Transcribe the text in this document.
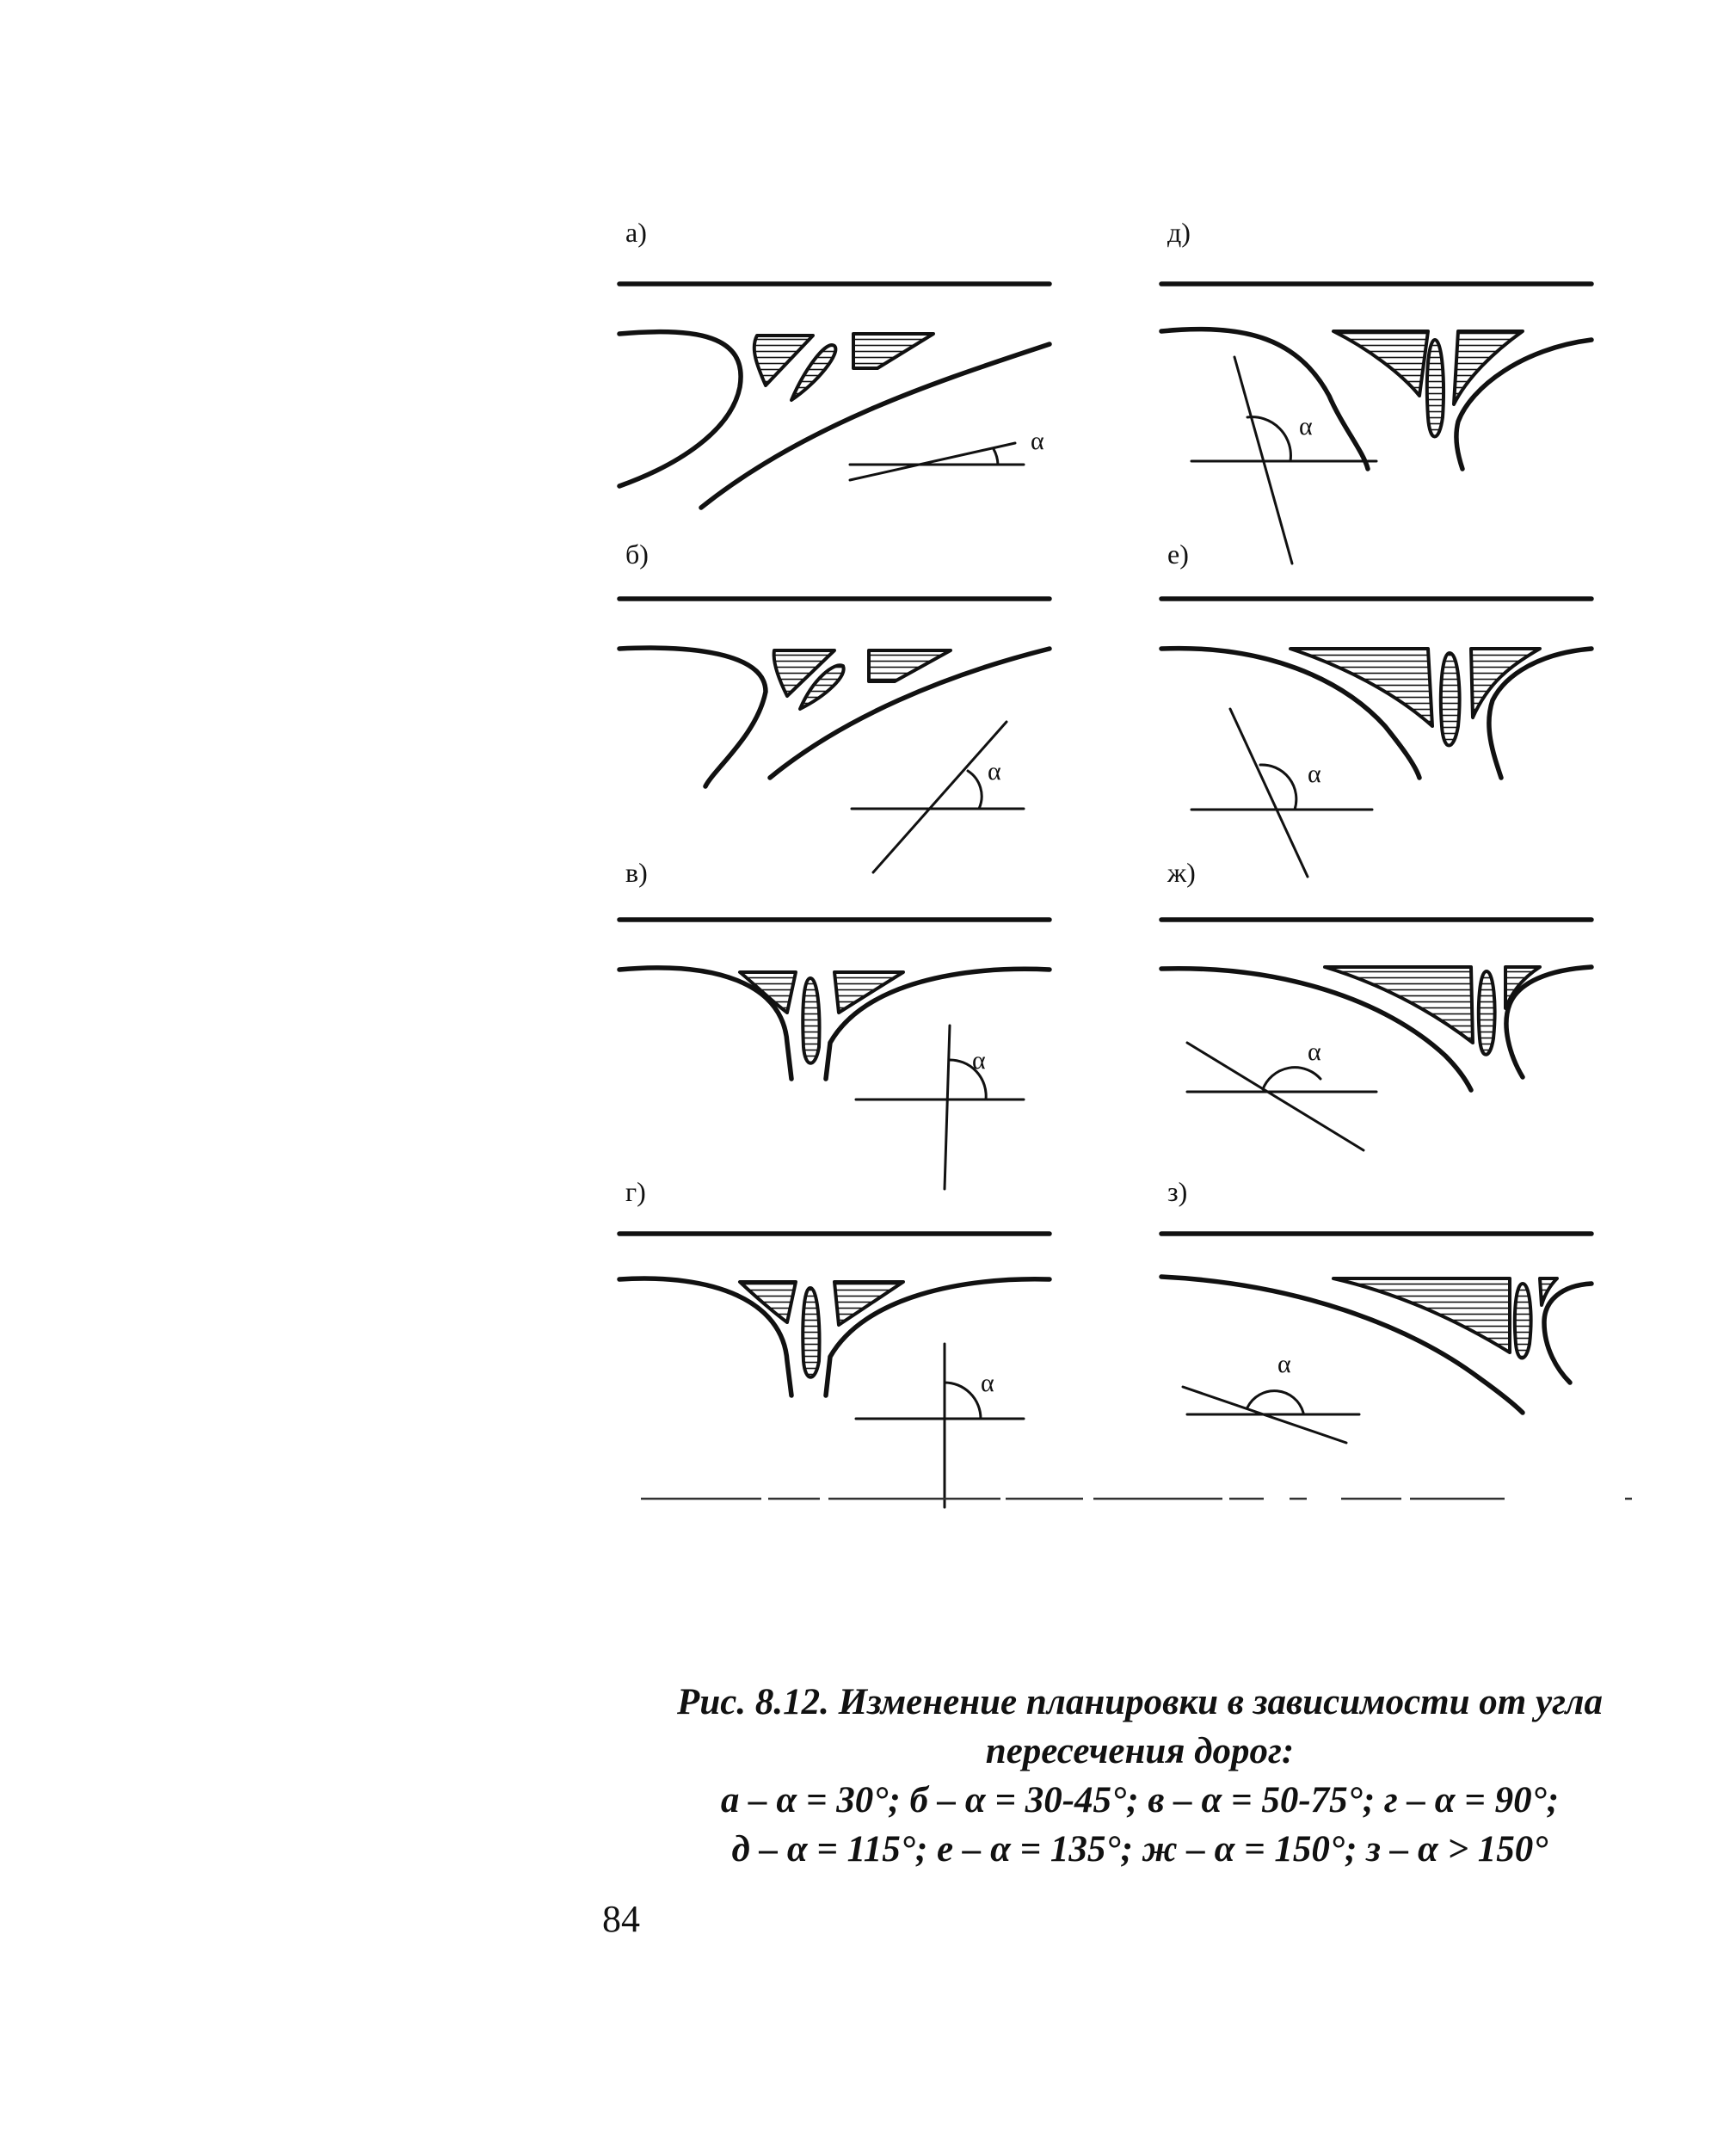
а)
б)
в)
г)
д)
е)
ж)
з)
α
α
α
α
α
α
α
α
Рис. 8.12. Изменение планировки в зависимости от угла
пересечения дорог:
а – α = 30°; б – α = 30-45°; в – α = 50-75°; г – α = 90°;
д – α = 115°; е – α = 135°; ж – α = 150°; з – α > 150°
84
